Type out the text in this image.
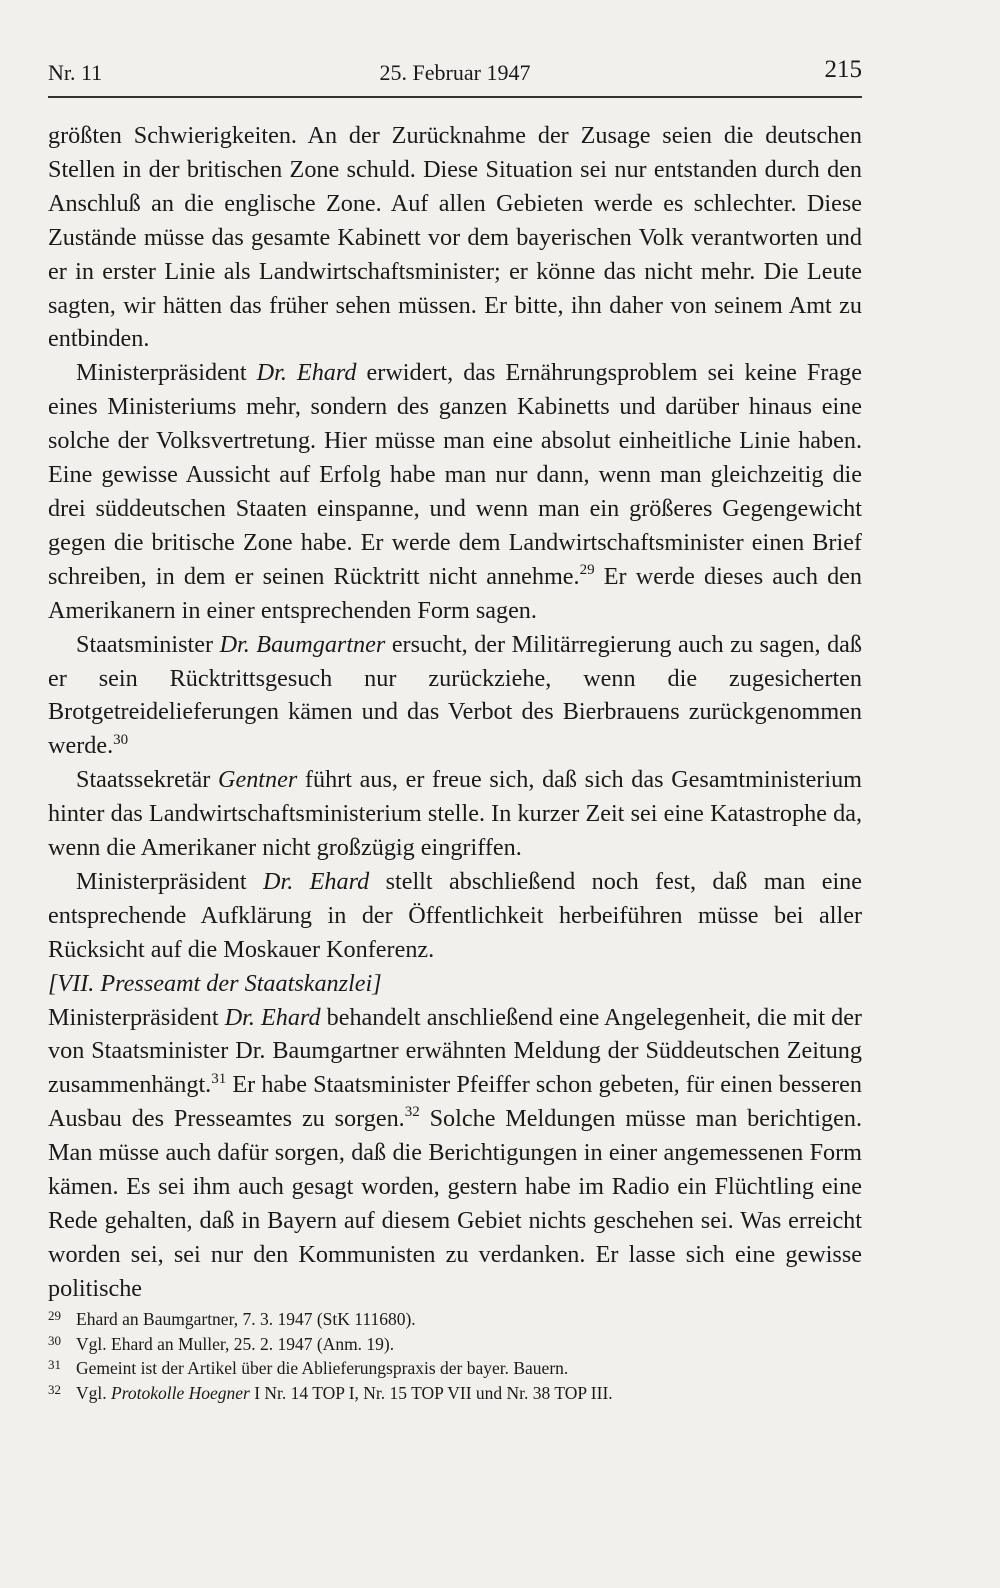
Nr. 11	25. Februar 1947	215

größten Schwierigkeiten. An der Zurücknahme der Zusage seien die deutschen Stellen in der britischen Zone schuld. Diese Situation sei nur entstanden durch den Anschluß an die englische Zone. Auf allen Gebieten werde es schlechter. Diese Zustände müsse das gesamte Kabinett vor dem bayerischen Volk verantworten und er in erster Linie als Landwirtschaftsminister; er könne das nicht mehr. Die Leute sagten, wir hätten das früher sehen müssen. Er bitte, ihn daher von seinem Amt zu entbinden.

Ministerpräsident Dr. Ehard erwidert, das Ernährungsproblem sei keine Frage eines Ministeriums mehr, sondern des ganzen Kabinetts und darüber hinaus eine solche der Volksvertretung. Hier müsse man eine absolut einheitliche Linie haben. Eine gewisse Aussicht auf Erfolg habe man nur dann, wenn man gleichzeitig die drei süddeutschen Staaten einspanne, und wenn man ein größeres Gegengewicht gegen die britische Zone habe. Er werde dem Landwirtschaftsminister einen Brief schreiben, in dem er seinen Rücktritt nicht annehme.$^{29}$ Er werde dieses auch den Amerikanern in einer entsprechenden Form sagen.

Staatsminister Dr. Baumgartner ersucht, der Militärregierung auch zu sagen, daß er sein Rücktrittsgesuch nur zurückziehe, wenn die zugesicherten Brotgetreidelieferungen kämen und das Verbot des Bierbrauens zurückgenommen werde.$^{30}$

Staatssekretär Gentner führt aus, er freue sich, daß sich das Gesamtministerium hinter das Landwirtschaftsministerium stelle. In kurzer Zeit sei eine Katastrophe da, wenn die Amerikaner nicht großzügig eingriffen.

Ministerpräsident Dr. Ehard stellt abschließend noch fest, daß man eine entsprechende Aufklärung in der Öffentlichkeit herbeiführen müsse bei aller Rücksicht auf die Moskauer Konferenz.

[VII. Presseamt der Staatskanzlei]

Ministerpräsident Dr. Ehard behandelt anschließend eine Angelegenheit, die mit der von Staatsminister Dr. Baumgartner erwähnten Meldung der Süddeutschen Zeitung zusammenhängt.$^{31}$ Er habe Staatsminister Pfeiffer schon gebeten, für einen besseren Ausbau des Presseamtes zu sorgen.$^{32}$ Solche Meldungen müsse man berichtigen. Man müsse auch dafür sorgen, daß die Berichtigungen in einer angemessenen Form kämen. Es sei ihm auch gesagt worden, gestern habe im Radio ein Flüchtling eine Rede gehalten, daß in Bayern auf diesem Gebiet nichts geschehen sei. Was erreicht worden sei, sei nur den Kommunisten zu verdanken. Er lasse sich eine gewisse politische

29 Ehard an Baumgartner, 7. 3. 1947 (StK 111680).
30 Vgl. Ehard an Muller, 25. 2. 1947 (Anm. 19).
31 Gemeint ist der Artikel über die Ablieferungspraxis der bayer. Bauern.
32 Vgl. Protokolle Hoegner I Nr. 14 TOP I, Nr. 15 TOP VII und Nr. 38 TOP III.
